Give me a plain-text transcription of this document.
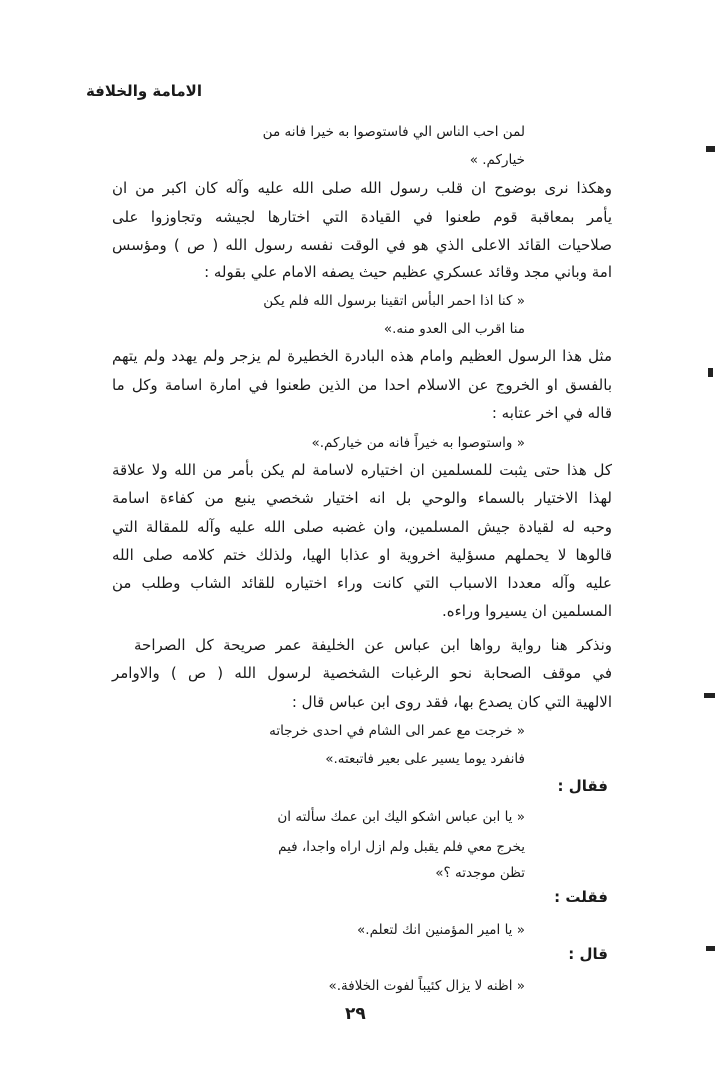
الامامة والخلافة
لمن احب الناس الي فاستوصوا به خيرا فانه من
خياركم. »
وهكذا نرى بوضوح ان قلب رسول الله صلى الله عليه وآله كان اكبر من ان
يأمر بمعاقبة قوم طعنوا في القيادة التي اختارها لجيشه وتجاوزوا على
صلاحيات القائد الاعلى الذي هو في الوقت نفسه رسول الله ( ص ) ومؤسس
امة وباني مجد وقائد عسكري عظيم حيث يصفه الامام علي بقوله :
« كنا اذا احمر البأس اتقينا برسول الله فلم يكن
منا اقرب الى العدو منه.»
مثل هذا الرسول العظيم وامام هذه البادرة الخطيرة لم يزجر ولم يهدد ولم يتهم
بالفسق او الخروج عن الاسلام احدا من الذين طعنوا في امارة اسامة وكل ما
قاله في اخر عتابه :
« واستوصوا به خيراً فانه من خياركم.»
كل هذا حتى يثبت للمسلمين ان اختياره لاسامة لم يكن بأمر من الله ولا علاقة
لهذا الاختيار بالسماء والوحي بل انه اختيار شخصي ينبع من كفاءة اسامة
وحبه له لقيادة جيش المسلمين، وان غضبه صلى الله عليه وآله للمقالة التي
قالوها لا يحملهم مسؤلية اخروية او عذابا الهيا، ولذلك ختم كلامه صلى الله
عليه وآله معددا الاسباب التي كانت وراء اختياره للقائد الشاب وطلب من
المسلمين ان يسيروا وراءه.
ونذكر هنا رواية رواها ابن عباس عن الخليفة عمر صريحة كل الصراحة
في موقف الصحابة نحو الرغبات الشخصية لرسول الله ( ص ) والاوامر
الالهية التي كان يصدع بها، فقد روى ابن عباس قال :
« خرجت مع عمر الى الشام في احدى خرجاته
فانفرد يوما يسير على بعير فاتبعته.»
فقال :
« يا ابن عباس اشكو اليك ابن عمك سألته ان
يخرج معي فلم يقبل ولم ازل اراه واجدا، فيم
تظن موجدته ؟»
فقلت :
« يا امير المؤمنين انك لتعلم.»
قال :
« اظنه لا يزال كئيباً لفوت الخلافة.»
٢٩
